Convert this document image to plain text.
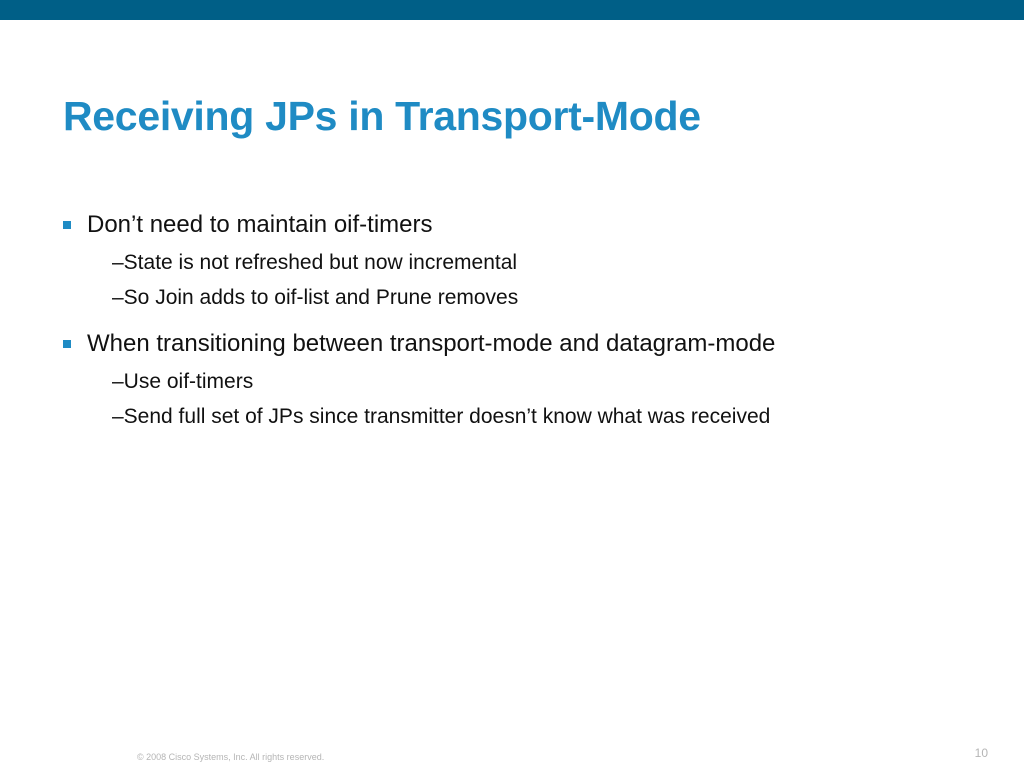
Receiving JPs in Transport-Mode
Don’t need to maintain oif-timers
–State is not refreshed but now incremental
–So Join adds to oif-list and Prune removes
When transitioning between transport-mode and datagram-mode
–Use oif-timers
–Send full set of JPs since transmitter doesn’t know what was received
© 2008 Cisco Systems, Inc. All rights reserved.	10
